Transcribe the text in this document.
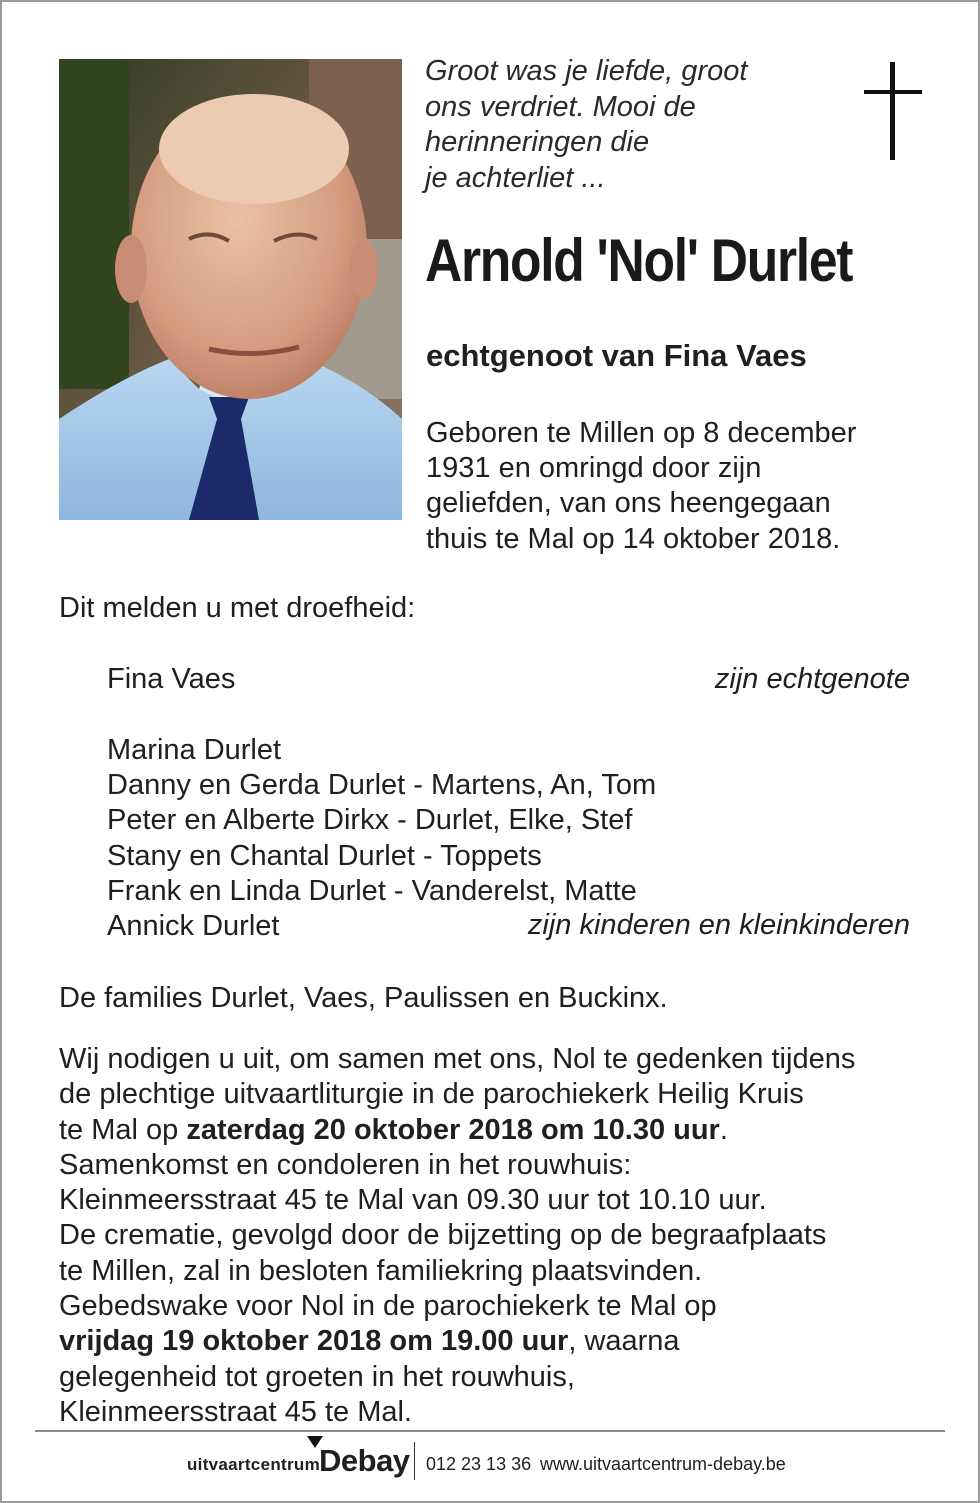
Groot was je liefde, groot
ons verdriet. Mooi de
herinneringen die
je achterliet ...
Arnold 'Nol' Durlet
echtgenoot van Fina Vaes
Geboren te Millen op 8 december
1931 en omringd door zijn
geliefden, van ons heengegaan
thuis te Mal op 14 oktober 2018.
Dit melden u met droefheid:
Fina Vaes	zijn echtgenote
Marina Durlet
Danny en Gerda Durlet - Martens, An, Tom
Peter en Alberte Dirkx - Durlet, Elke, Stef
Stany en Chantal Durlet - Toppets
Frank en Linda Durlet - Vanderelst, Matte
Annick Durlet	zijn kinderen en kleinkinderen
De families Durlet, Vaes, Paulissen en Buckinx.
Wij nodigen u uit, om samen met ons, Nol te gedenken tijdens
de plechtige uitvaartliturgie in de parochiekerk Heilig Kruis
te Mal op zaterdag 20 oktober 2018 om 10.30 uur.
Samenkomst en condoleren in het rouwhuis:
Kleinmeersstraat 45 te Mal van 09.30 uur tot 10.10 uur.
De crematie, gevolgd door de bijzetting op de begraafplaats
te Millen, zal in besloten familiekring plaatsvinden.
Gebedswake voor Nol in de parochiekerk te Mal op
vrijdag 19 oktober 2018 om 19.00 uur, waarna
gelegenheid tot groeten in het rouwhuis,
Kleinmeersstraat 45 te Mal.
uitvaartcentrum Debay 012 23 13 36 www.uitvaartcentrum-debay.be
